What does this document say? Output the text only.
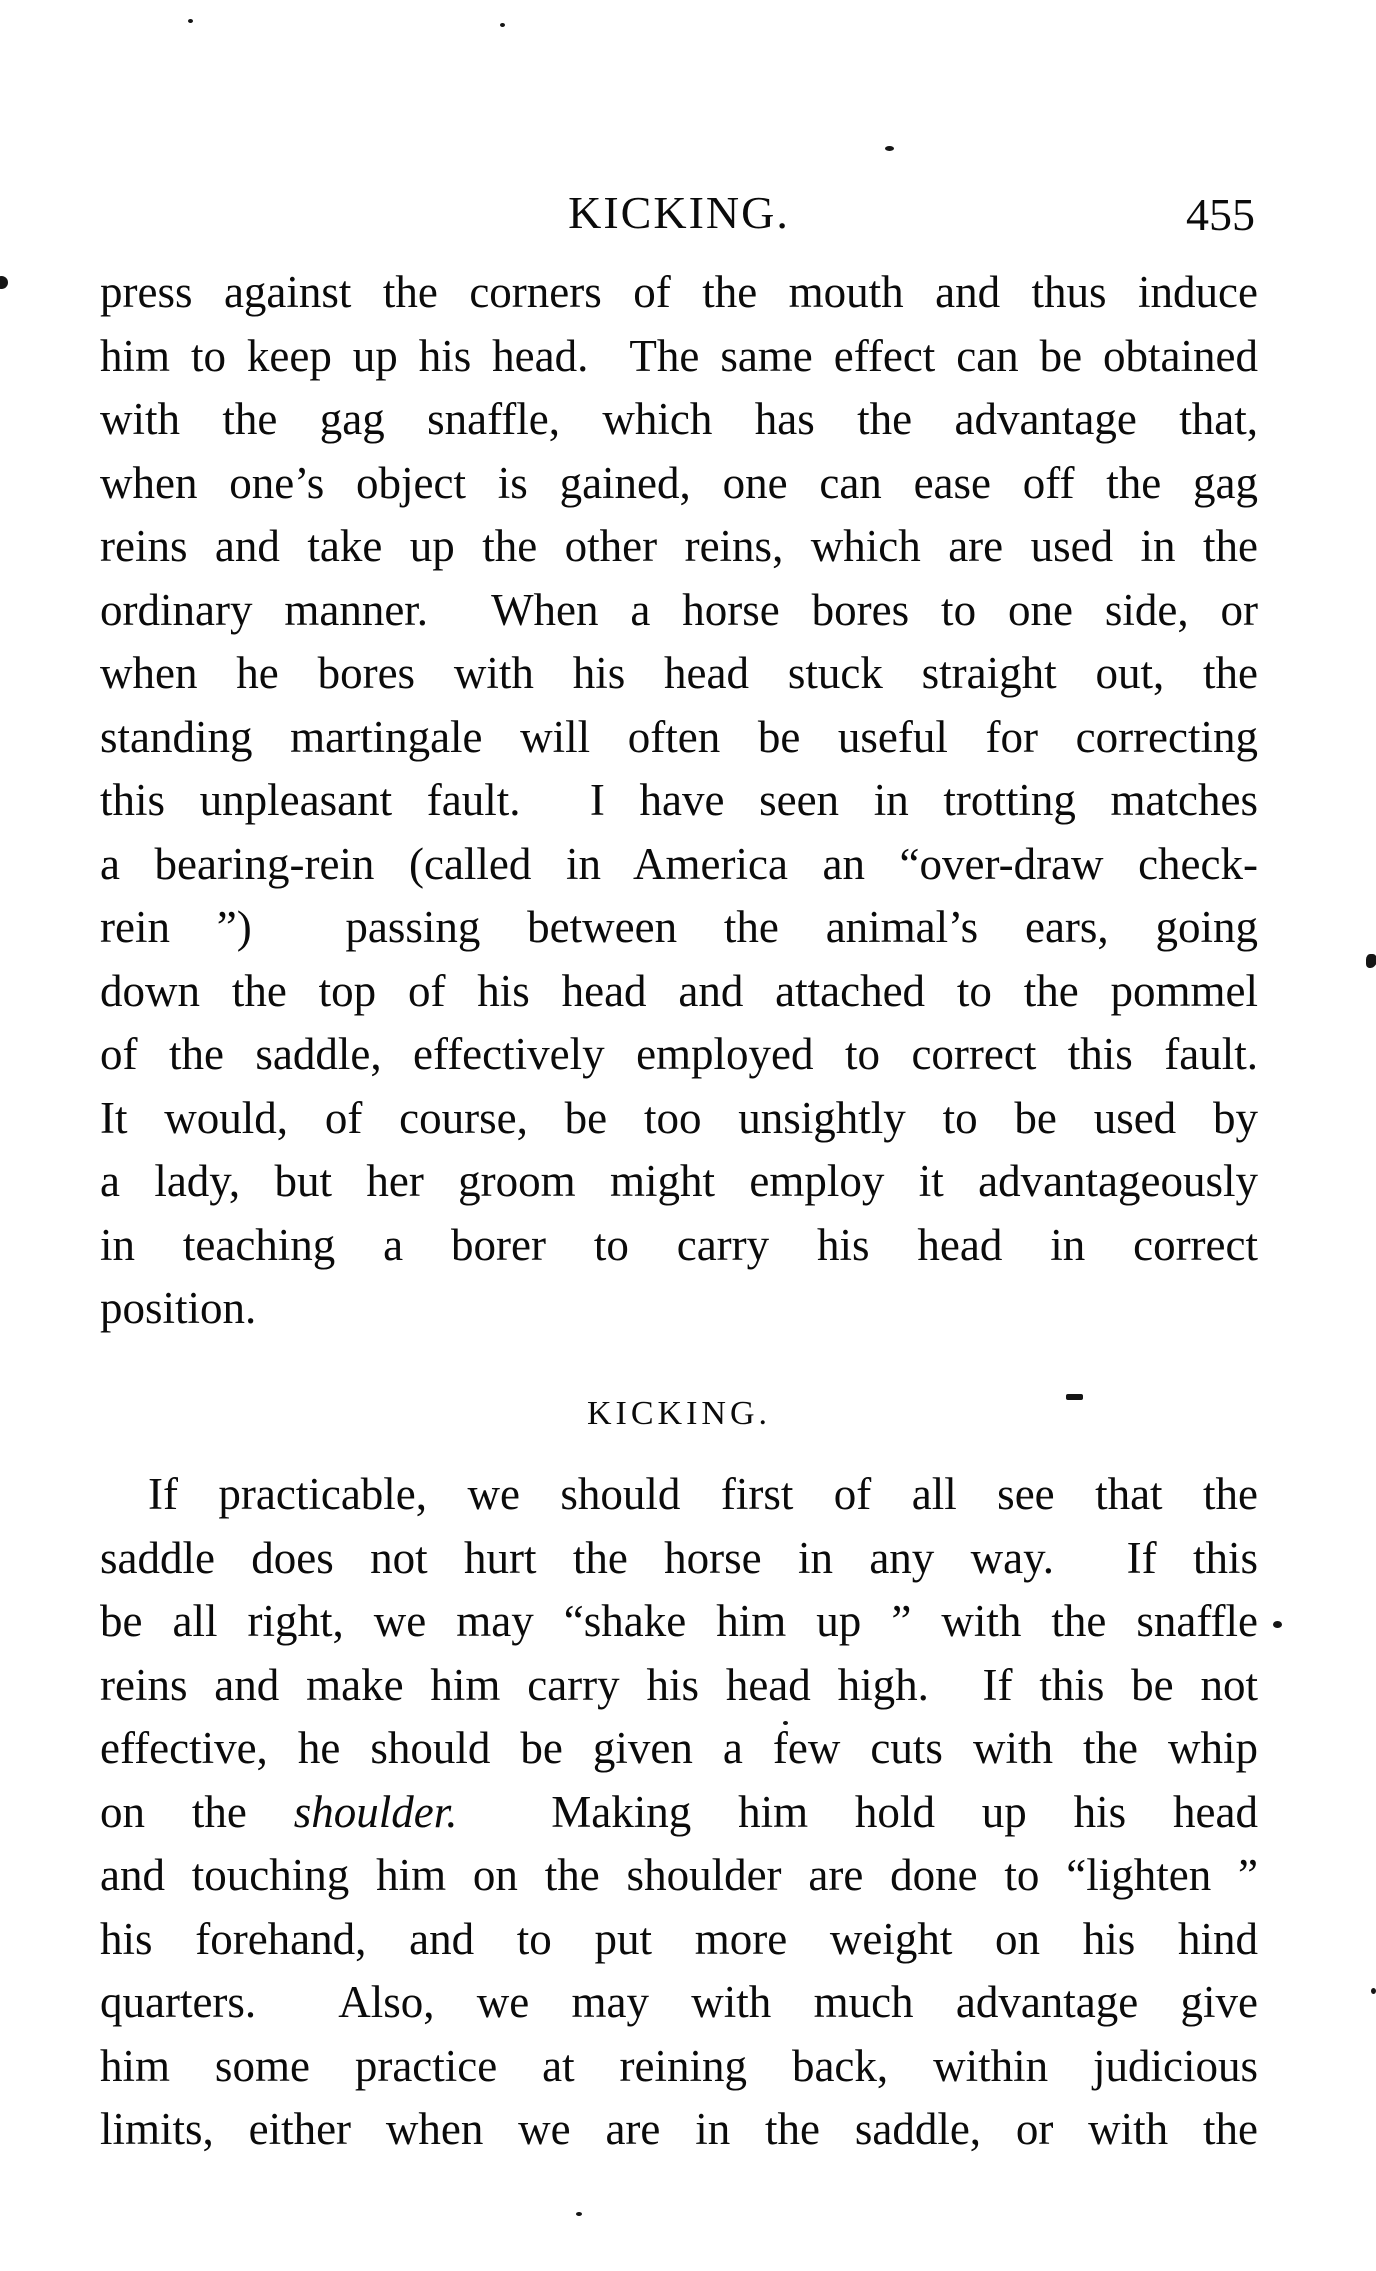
KICKING.	455
press against the corners of the mouth and thus induce
him to keep up his head.  The same effect can be obtained
with the gag snaffle, which has the advantage that,
when one’s object is gained, one can ease off the gag
reins and take up the other reins, which are used in the
ordinary manner.  When a horse bores to one side, or
when he bores with his head stuck straight out, the
standing martingale will often be useful for correcting
this unpleasant fault.  I have seen in trotting matches
a bearing-rein (called in America an “over-draw check-
rein ”)  passing between the animal’s ears, going
down the top of his head and attached to the pommel
of the saddle, effectively employed to correct this fault.
It would, of course, be too unsightly to be used by
a lady, but her groom might employ it advantageously
in teaching a borer to carry his head in correct
position.
KICKING.
If practicable, we should first of all see that the
saddle does not hurt the horse in any way.  If this
be all right, we may “shake him up ” with the snaffle
reins and make him carry his head high.  If this be not
effective, he should be given a few cuts with the whip
on the shoulder.  Making him hold up his head
and touching him on the shoulder are done to “lighten ”
his forehand, and to put more weight on his hind
quarters.  Also, we may with much advantage give
him some practice at reining back, within judicious
limits, either when we are in the saddle, or with the
